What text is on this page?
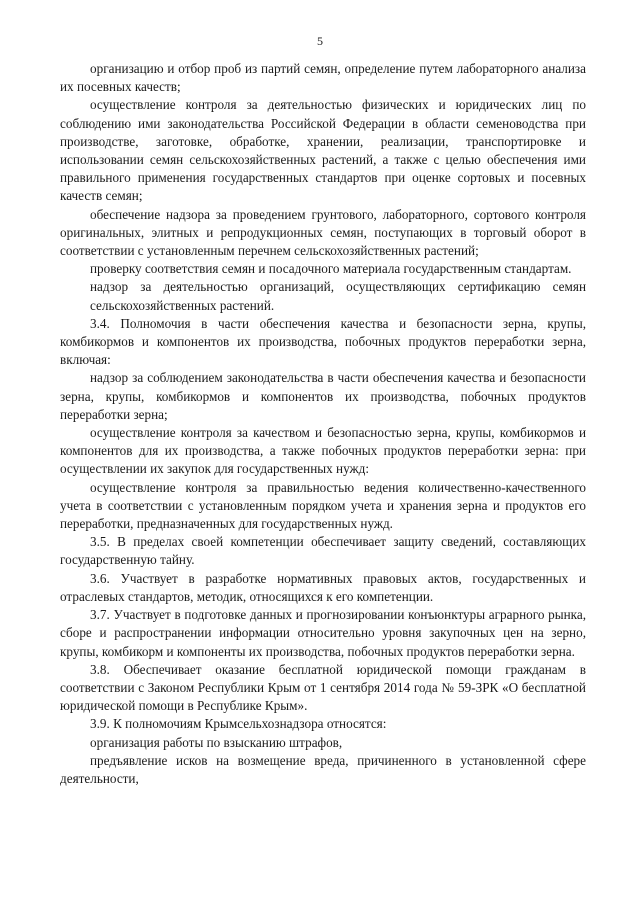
5

организацию и отбор проб из партий семян, определение путем лабораторного анализа их посевных качеств;

осуществление контроля за деятельностью физических и юридических лиц по соблюдению ими законодательства Российской Федерации в области семеноводства при производстве, заготовке, обработке, хранении, реализации, транспортировке и использовании семян сельскохозяйственных растений, а также с целью обеспечения ими правильного применения государственных стандартов при оценке сортовых и посевных качеств семян;

обеспечение надзора за проведением грунтового, лабораторного, сортового контроля оригинальных, элитных и репродукционных семян, поступающих в торговый оборот в соответствии с установленным перечнем сельскохозяйственных растений;

проверку соответствия семян и посадочного материала государственным стандартам.

надзор за деятельностью организаций, осуществляющих сертификацию семян сельскохозяйственных растений.

3.4. Полномочия в части обеспечения качества и безопасности зерна, крупы, комбикормов и компонентов их производства, побочных продуктов переработки зерна, включая:

надзор за соблюдением законодательства в части обеспечения качества и безопасности зерна, крупы, комбикормов и компонентов их производства, побочных продуктов переработки зерна;

осуществление контроля за качеством и безопасностью зерна, крупы, комбикормов и компонентов для их производства, а также побочных продуктов переработки зерна: при осуществлении их закупок для государственных нужд:

осуществление контроля за правильностью ведения количественно-качественного учета в соответствии с установленным порядком учета и хранения зерна и продуктов его переработки, предназначенных для государственных нужд.

3.5. В пределах своей компетенции обеспечивает защиту сведений, составляющих государственную тайну.

3.6. Участвует в разработке нормативных правовых актов, государственных и отраслевых стандартов, методик, относящихся к его компетенции.

3.7. Участвует в подготовке данных и прогнозировании конъюнктуры аграрного рынка, сборе и распространении информации относительно уровня закупочных цен на зерно, крупы, комбикорм и компоненты их производства, побочных продуктов переработки зерна.

3.8. Обеспечивает оказание бесплатной юридической помощи гражданам в соответствии с Законом Республики Крым от 1 сентября 2014 года № 59-ЗРК «О бесплатной юридической помощи в Республике Крым».

3.9. К полномочиям Крымсельхознадзора относятся:

организация работы по взысканию штрафов,

предъявление исков на возмещение вреда, причиненного в установленной сфере деятельности,
